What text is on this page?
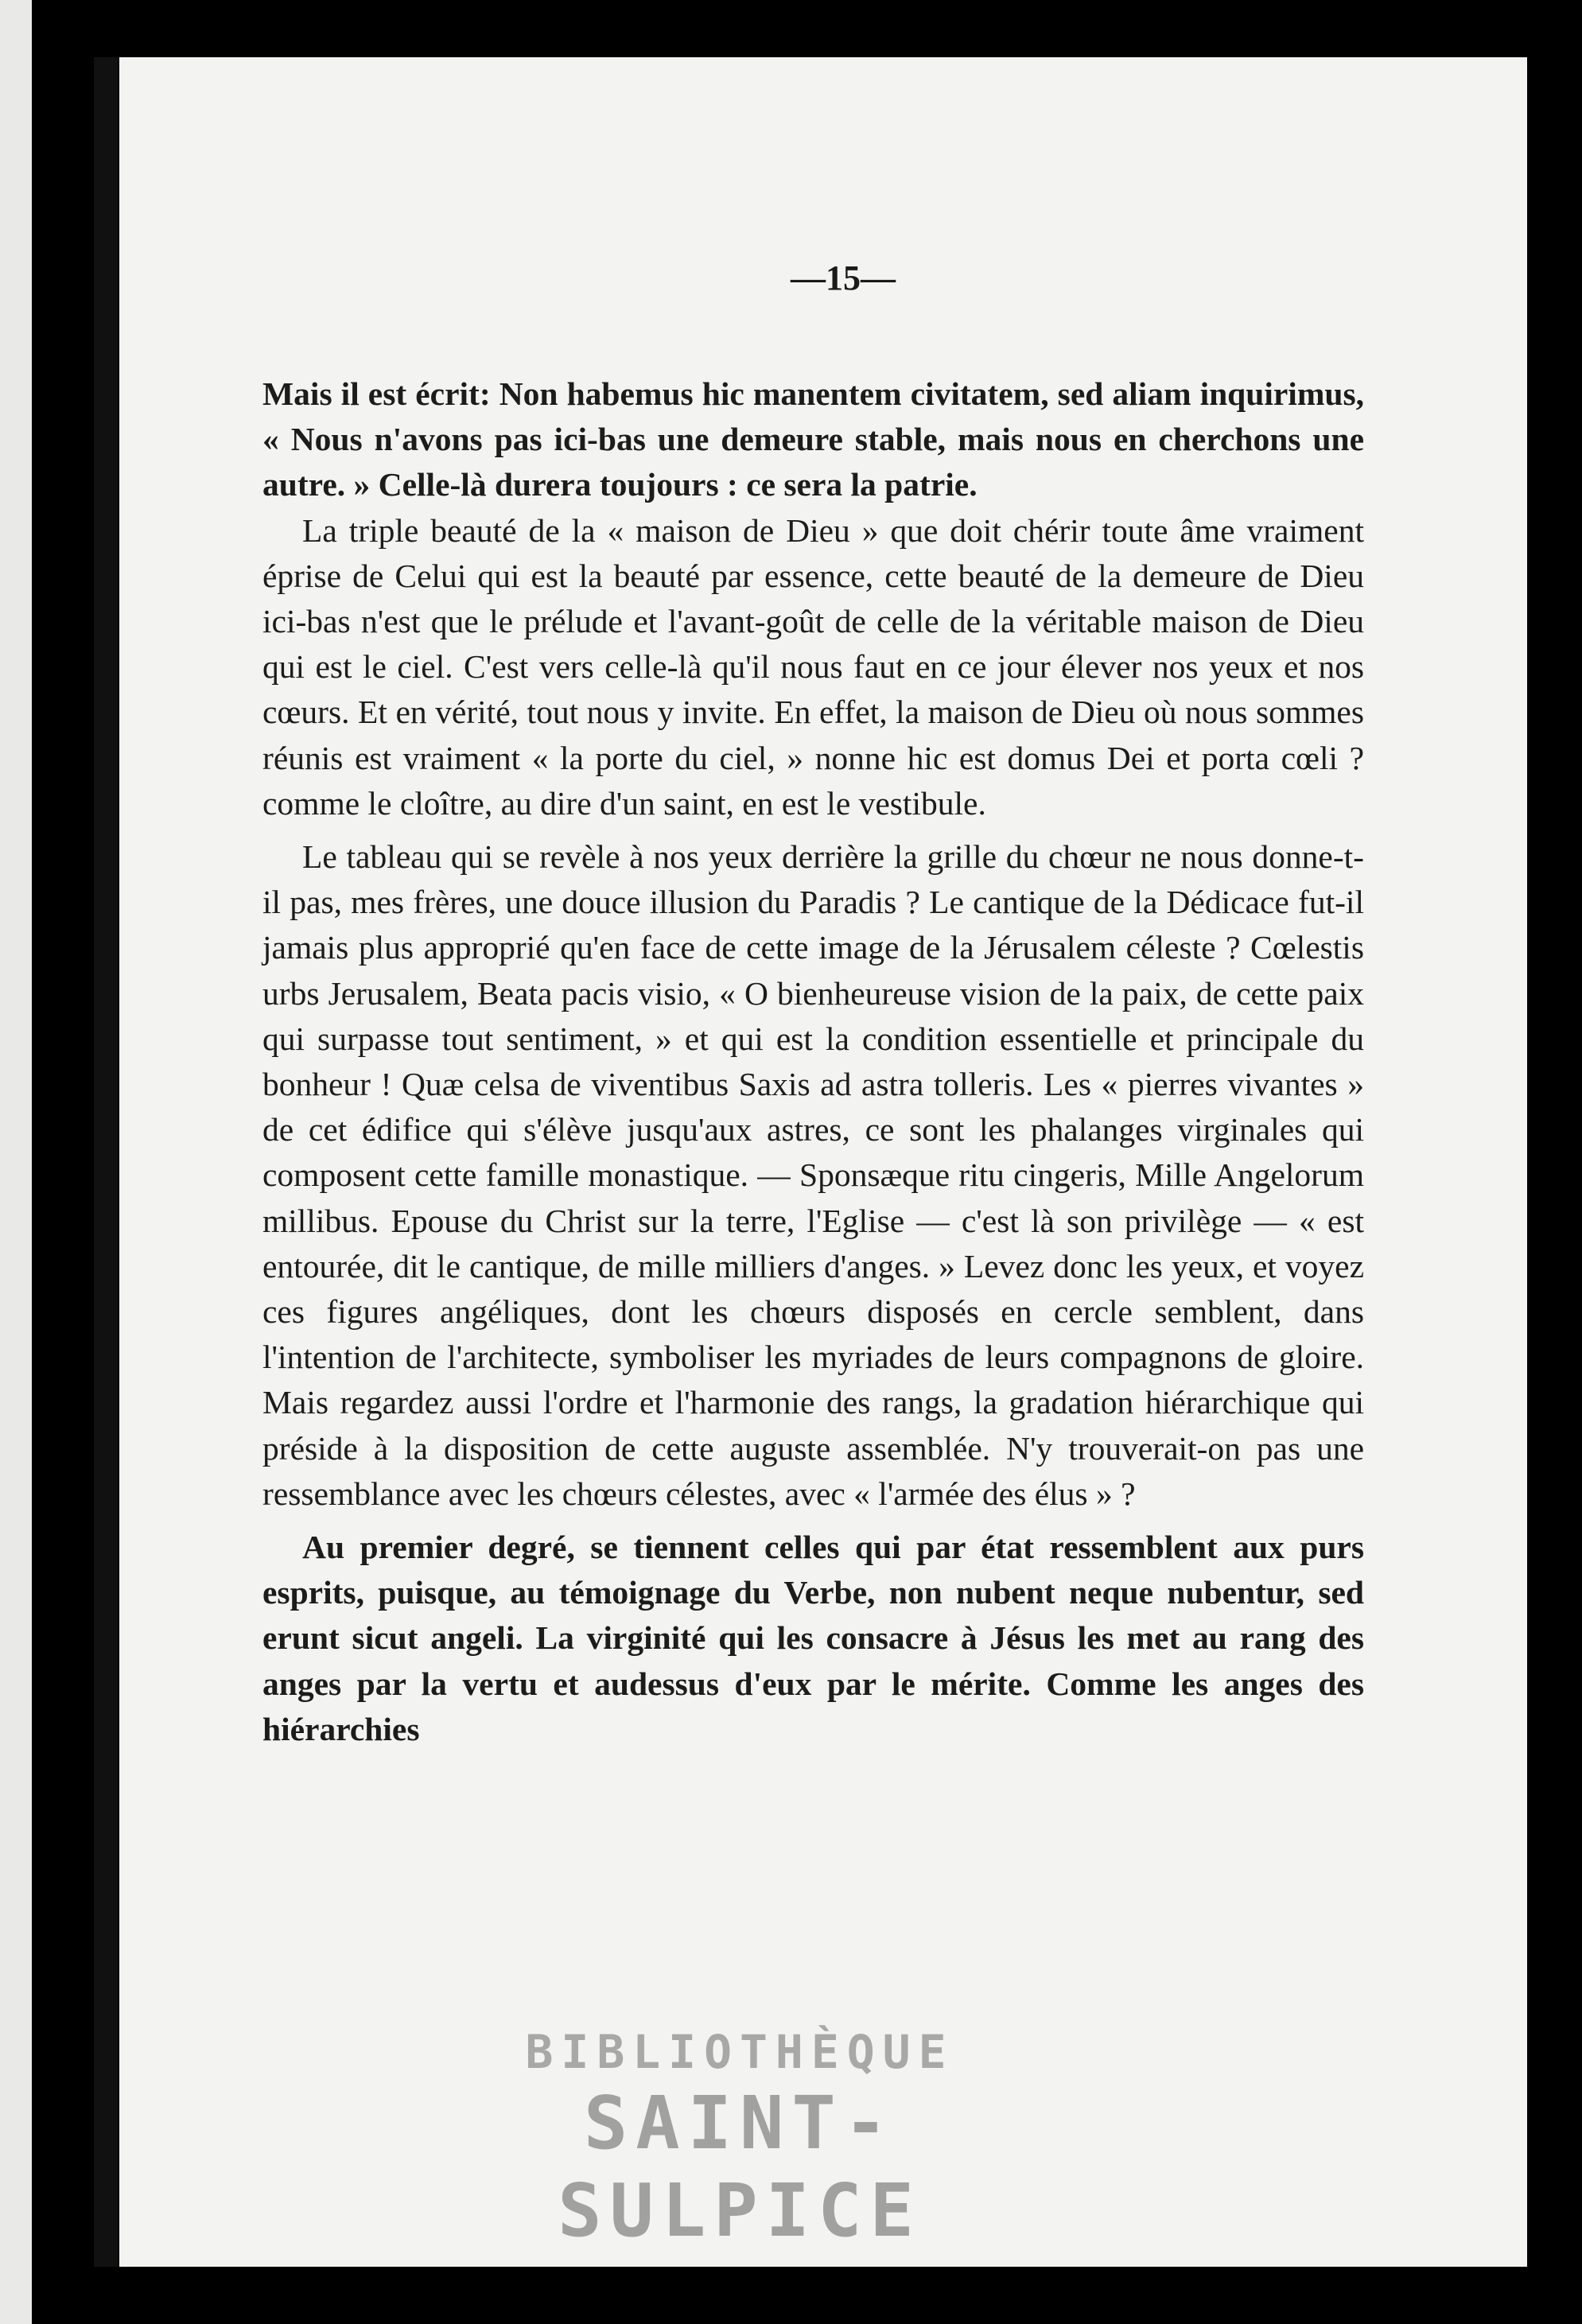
—15—

Mais il est écrit: Non habemus hic manentem civitatem, sed aliam inquirimus, « Nous n'avons pas ici-bas une demeure stable, mais nous en cherchons une autre. » Celle-là durera toujours : ce sera la patrie.

La triple beauté de la « maison de Dieu » que doit chérir toute âme vraiment éprise de Celui qui est la beauté par essence, cette beauté de la demeure de Dieu ici-bas n'est que le prélude et l'avant-goût de celle de la véritable maison de Dieu qui est le ciel. C'est vers celle-là qu'il nous faut en ce jour élever nos yeux et nos cœurs. Et en vérité, tout nous y invite. En effet, la maison de Dieu où nous sommes réunis est vraiment « la porte du ciel, » nonne hic est domus Dei et porta cœli ? comme le cloître, au dire d'un saint, en est le vestibule.

Le tableau qui se revèle à nos yeux derrière la grille du chœur ne nous donne-t-il pas, mes frères, une douce illusion du Paradis ? Le cantique de la Dédicace fut-il jamais plus approprié qu'en face de cette image de la Jérusalem céleste ? Cœlestis urbs Jerusalem, Beata pacis visio, « O bienheureuse vision de la paix, de cette paix qui surpasse tout sentiment, » et qui est la condition essentielle et principale du bonheur ! Quæ celsa de viventibus Saxis ad astra tolleris. Les « pierres vivantes » de cet édifice qui s'élève jusqu'aux astres, ce sont les phalanges virginales qui composent cette famille monastique. — Sponsæque ritu cingeris, Mille Angelorum millibus. Epouse du Christ sur la terre, l'Eglise — c'est là son privilège — « est entourée, dit le cantique, de mille milliers d'anges. » Levez donc les yeux, et voyez ces figures angéliques, dont les chœurs disposés en cercle semblent, dans l'intention de l'architecte, symboliser les myriades de leurs compagnons de gloire. Mais regardez aussi l'ordre et l'harmonie des rangs, la gradation hiérarchique qui préside à la disposition de cette auguste assemblée. N'y trouverait-on pas une ressemblance avec les chœurs célestes, avec « l'armée des élus » ?

Au premier degré, se tiennent celles qui par état ressemblent aux purs esprits, puisque, au témoignage du Verbe, non nubent neque nubentur, sed erunt sicut angeli. La virginité qui les consacre à Jésus les met au rang des anges par la vertu et audessus d'eux par le mérite. Comme les anges des hiérarchies

BIBLIOTHÈQUE
SAINT-SULPICE
